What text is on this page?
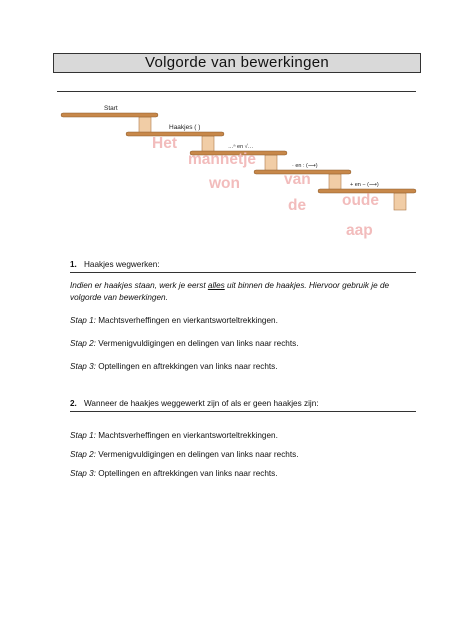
Volgorde van bewerkingen
Start
Haakjes ( )
…ⁿ en √…
· en : (⟶)
+ en − (⟶)
Het
mannetje
won	van
de oude
aap
1. Haakjes wegwerken:
Indien er haakjes staan, werk je eerst alles uit binnen de haakjes. Hiervoor gebruik je de volgorde van bewerkingen.
Stap 1: Machtsverheffingen en vierkantsworteltrekkingen.
Stap 2: Vermenigvuldigingen en delingen van links naar rechts.
Stap 3: Optellingen en aftrekkingen van links naar rechts.
2. Wanneer de haakjes weggewerkt zijn of als er geen haakjes zijn:
Stap 1: Machtsverheffingen en vierkantsworteltrekkingen.
Stap 2: Vermenigvuldigingen en delingen van links naar rechts.
Stap 3: Optellingen en aftrekkingen van links naar rechts.
